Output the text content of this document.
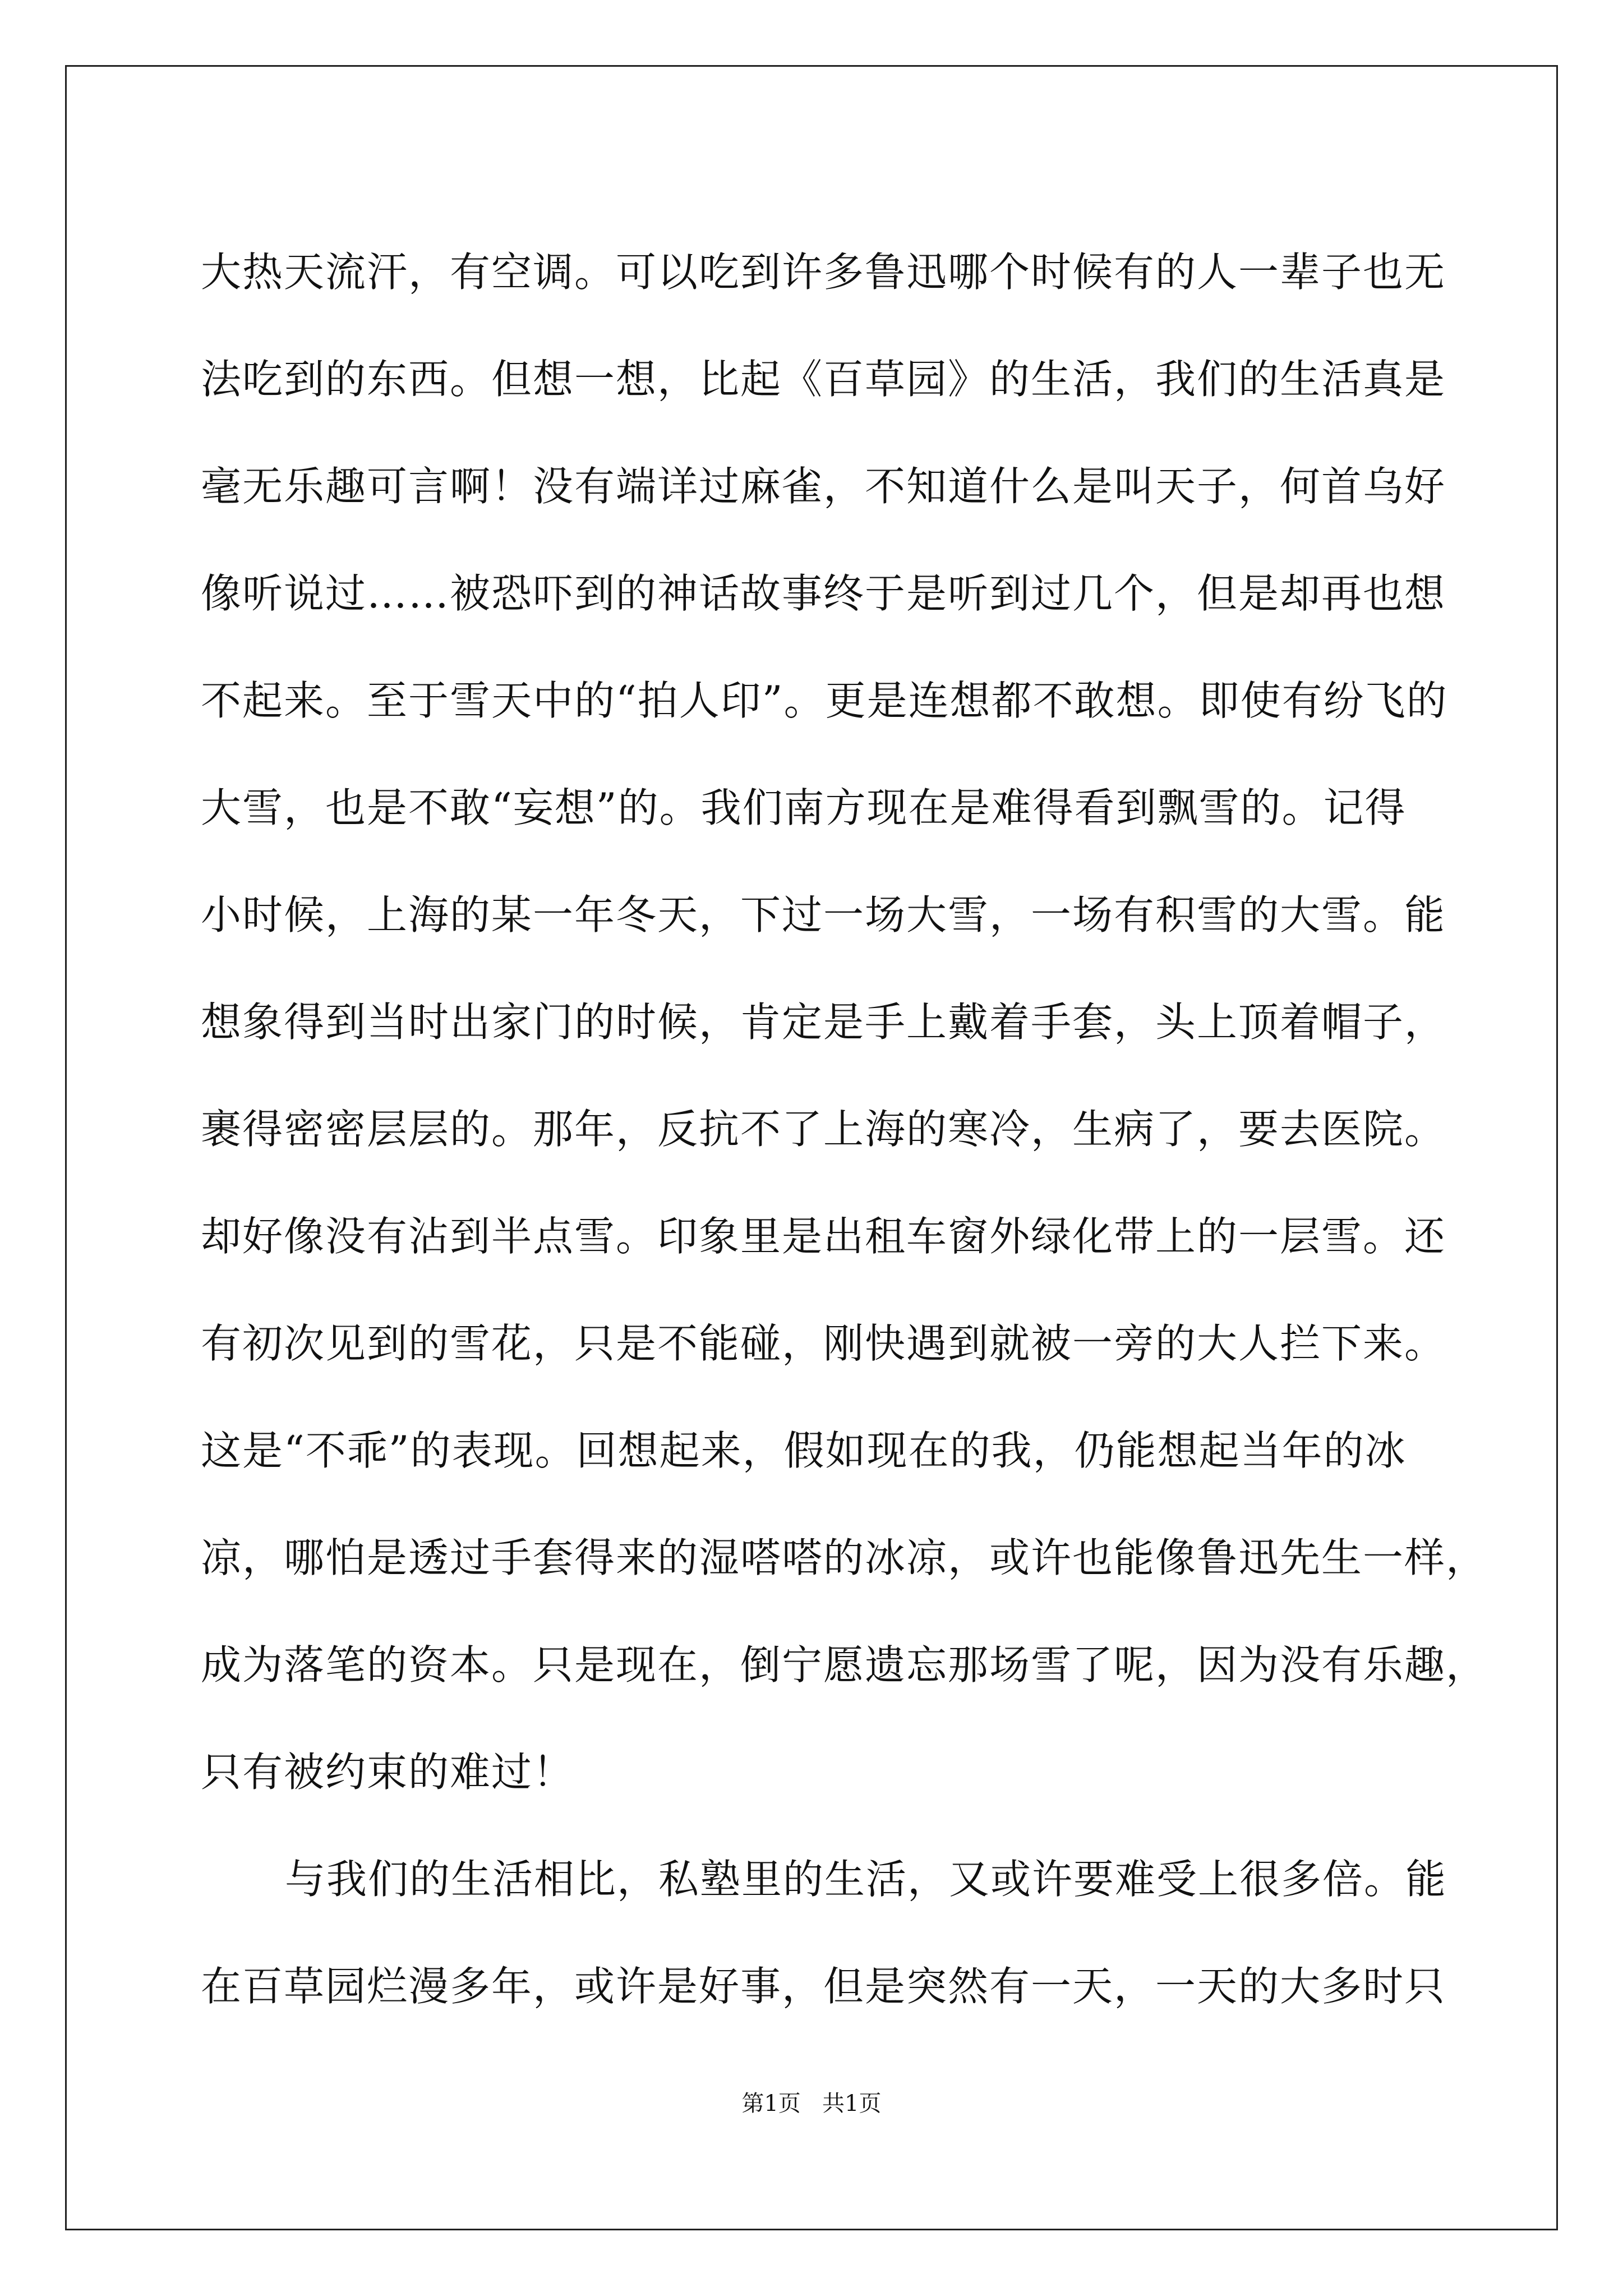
大热天流汗，有空调。可以吃到许多鲁迅哪个时候有的人一辈子也无
法吃到的东西。但想一想，比起《百草园》的生活，我们的生活真是
毫无乐趣可言啊！没有端详过麻雀，不知道什么是叫天子，何首乌好
像听说过……被恐吓到的神话故事终于是听到过几个，但是却再也想
不起来。至于雪天中的“拍人印”。更是连想都不敢想。即使有纷飞的
大雪，也是不敢“妄想”的。我们南方现在是难得看到飘雪的。记得
小时候，上海的某一年冬天，下过一场大雪，一场有积雪的大雪。能
想象得到当时出家门的时候，肯定是手上戴着手套，头上顶着帽子，
裹得密密层层的。那年，反抗不了上海的寒冷，生病了，要去医院。
却好像没有沾到半点雪。印象里是出租车窗外绿化带上的一层雪。还
有初次见到的雪花，只是不能碰，刚快遇到就被一旁的大人拦下来。
这是“不乖”的表现。回想起来，假如现在的我，仍能想起当年的冰
凉，哪怕是透过手套得来的湿嗒嗒的冰凉，或许也能像鲁迅先生一样，
成为落笔的资本。只是现在，倒宁愿遗忘那场雪了呢，因为没有乐趣，
只有被约束的难过！
与我们的生活相比，私塾里的生活，又或许要难受上很多倍。能
在百草园烂漫多年，或许是好事，但是突然有一天，一天的大多时只
第1页   共1页
